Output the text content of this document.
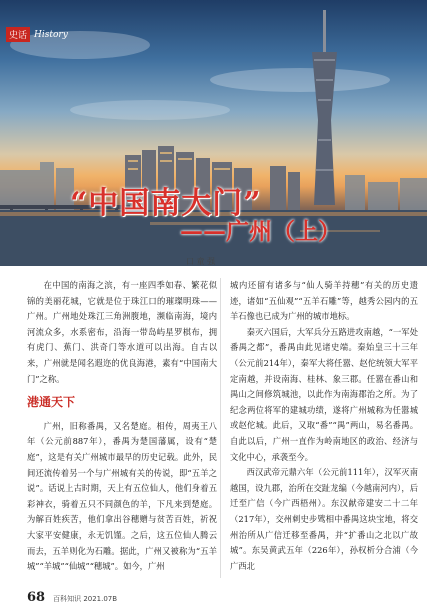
史话 History
“中国南大门”
——广州（上）
口 童 强

在中国的南海之滨，有一座四季如春、繁花似锦的美丽花城，它就是位于珠江口的璀璨明珠——广州。广州地处珠江三角洲腹地，濒临南海，境内河流众多，水系密布，沿海一带岛屿星罗棋布，拥有虎门、蕉门、洪奇门等水道可以出海。自古以来，广州就是闻名遐迩的优良海港，素有“中国南大门”之称。

港通天下

广州，旧称番禺，又名楚庭。相传，周夷王八年（公元前887年），番禺为楚国藩属，设有“楚庭”，这是有关广州城市最早的历史记载。此外，民间还流传着另一个与广州城有关的传说，即“五羊之说”。话说上古时期，天上有五位仙人，他们身着五彩神衣，骑着五只不同颜色的羊，下凡来到楚庭。为解百姓疾苦，他们拿出谷穗赠与贫苦百姓，祈祝大家平安健康，永无饥馑。之后，这五位仙人腾云而去，五羊则化为石雕。据此，广州又被称为“五羊城”“羊城”“仙城”“穗城”。如今，广州

城内还留有诸多与“仙人骑羊持穗”有关的历史遗迹，诸如“五仙观”“五羊石雕”等，越秀公园内的五羊石像也已成为广州的城市地标。

秦灭六国后，大军兵分五路进攻南越，“一军处番禺之都”，番禺由此见诸史端。秦始皇三十三年（公元前214年），秦军大将任嚣、赵佗统领大军平定南越，并设南海、桂林、象三郡。任嚣在番山和禺山之间修筑城池，以此作为南海郡治之所。为了纪念两位将军的建城功绩，遂将广州城称为任嚣城或赵佗城。此后，又取“番”“禺”两山，易名番禺。自此以后，广州一直作为岭南地区的政治、经济与文化中心，承袭至今。

西汉武帝元鼎六年（公元前111年），汉军灭南越国，设九郡，治所在交趾龙编（今越南河内），后迁至广信（今广西梧州）。东汉献帝建安二十二年（217年），交州刺史步骘相中番禺这块宝地，将交州治所从广信迁移至番禺，并“扩番山之北以广故城”。东吴黄武五年（226年），孙权析分合浦（今广西北

68 百科知识 2021.07B
